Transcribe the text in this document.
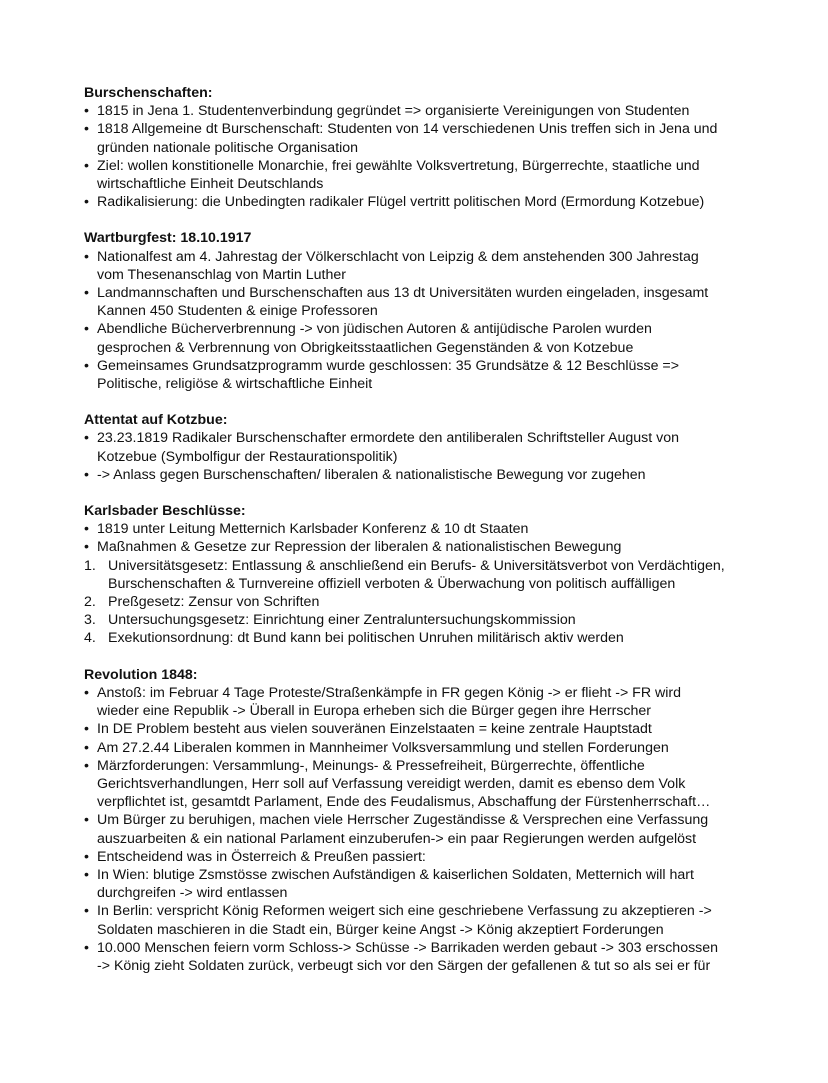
Burschenschaften:

• 1815 in Jena 1. Studentenverbindung gegründet => organisierte Vereinigungen von Studenten
• 1818 Allgemeine dt Burschenschaft: Studenten von 14 verschiedenen Unis treffen sich in Jena und
gründen nationale politische Organisation
• Ziel: wollen konstitionelle Monarchie, frei gewählte Volksvertretung, Bürgerrechte, staatliche und
wirtschaftliche Einheit Deutschlands
• Radikalisierung: die Unbedingten radikaler Flügel vertritt politischen Mord (Ermordung Kotzebue)

Wartburgfest: 18.10.1917

• Nationalfest am 4. Jahrestag der Völkerschlacht von Leipzig & dem anstehenden 300 Jahrestag
vom Thesenanschlag von Martin Luther
• Landmannschaften und Burschenschaften aus 13 dt Universitäten wurden eingeladen, insgesamt
Kannen 450 Studenten & einige Professoren
• Abendliche Bücherverbrennung -> von jüdischen Autoren & antijüdische Parolen wurden
gesprochen & Verbrennung von Obrigkeitsstaatlichen Gegenständen & von Kotzebue
• Gemeinsames Grundsatzprogramm wurde geschlossen: 35 Grundsätze & 12 Beschlüsse =>
Politische, religiöse & wirtschaftliche Einheit

Attentat auf Kotzbue:

• 23.23.1819 Radikaler Burschenschafter ermordete den antiliberalen Schriftsteller August von
Kotzebue (Symbolfigur der Restaurationspolitik)
• -> Anlass gegen Burschenschaften/ liberalen & nationalistische Bewegung vor zugehen

Karlsbader Beschlüsse:

• 1819 unter Leitung Metternich Karlsbader Konferenz & 10 dt Staaten
• Maßnahmen & Gesetze zur Repression der liberalen & nationalistischen Bewegung
1. Universitätsgesetz: Entlassung & anschließend ein Berufs- & Universitätsverbot von Verdächtigen,
Burschenschaften & Turnvereine offiziell verboten & Überwachung von politisch auffälligen
2. Preßgesetz: Zensur von Schriften
3. Untersuchungsgesetz: Einrichtung einer Zentraluntersuchungskommission
4. Exekutionsordnung: dt Bund kann bei politischen Unruhen militärisch aktiv werden

Revolution 1848:

• Anstoß: im Februar 4 Tage Proteste/Straßenkämpfe in FR gegen König -> er flieht -> FR wird
wieder eine Republik -> Überall in Europa erheben sich die Bürger gegen ihre Herrscher
• In DE Problem besteht aus vielen souveränen Einzelstaaten = keine zentrale Hauptstadt
• Am 27.2.44 Liberalen kommen in Mannheimer Volksversammlung und stellen Forderungen
• Märzforderungen: Versammlung-, Meinungs- & Pressefreiheit, Bürgerrechte, öffentliche
Gerichtsverhandlungen, Herr soll auf Verfassung vereidigt werden, damit es ebenso dem Volk
verpflichtet ist, gesamtdt Parlament, Ende des Feudalismus, Abschaffung der Fürstenherrschaft…
• Um Bürger zu beruhigen, machen viele Herrscher Zugeständisse & Versprechen eine Verfassung
auszuarbeiten & ein national Parlament einzuberufen-> ein paar Regierungen werden aufgelöst
• Entscheidend was in Österreich & Preußen passiert:
• In Wien: blutige Zsmstösse zwischen Aufständigen & kaiserlichen Soldaten, Metternich will hart
durchgreifen -> wird entlassen
• In Berlin: verspricht König Reformen weigert sich eine geschriebene Verfassung zu akzeptieren ->
Soldaten maschieren in die Stadt ein, Bürger keine Angst -> König akzeptiert Forderungen
• 10.000 Menschen feiern vorm Schloss-> Schüsse -> Barrikaden werden gebaut -> 303 erschossen
-> König zieht Soldaten zurück, verbeugt sich vor den Särgen der gefallenen & tut so als sei er für
